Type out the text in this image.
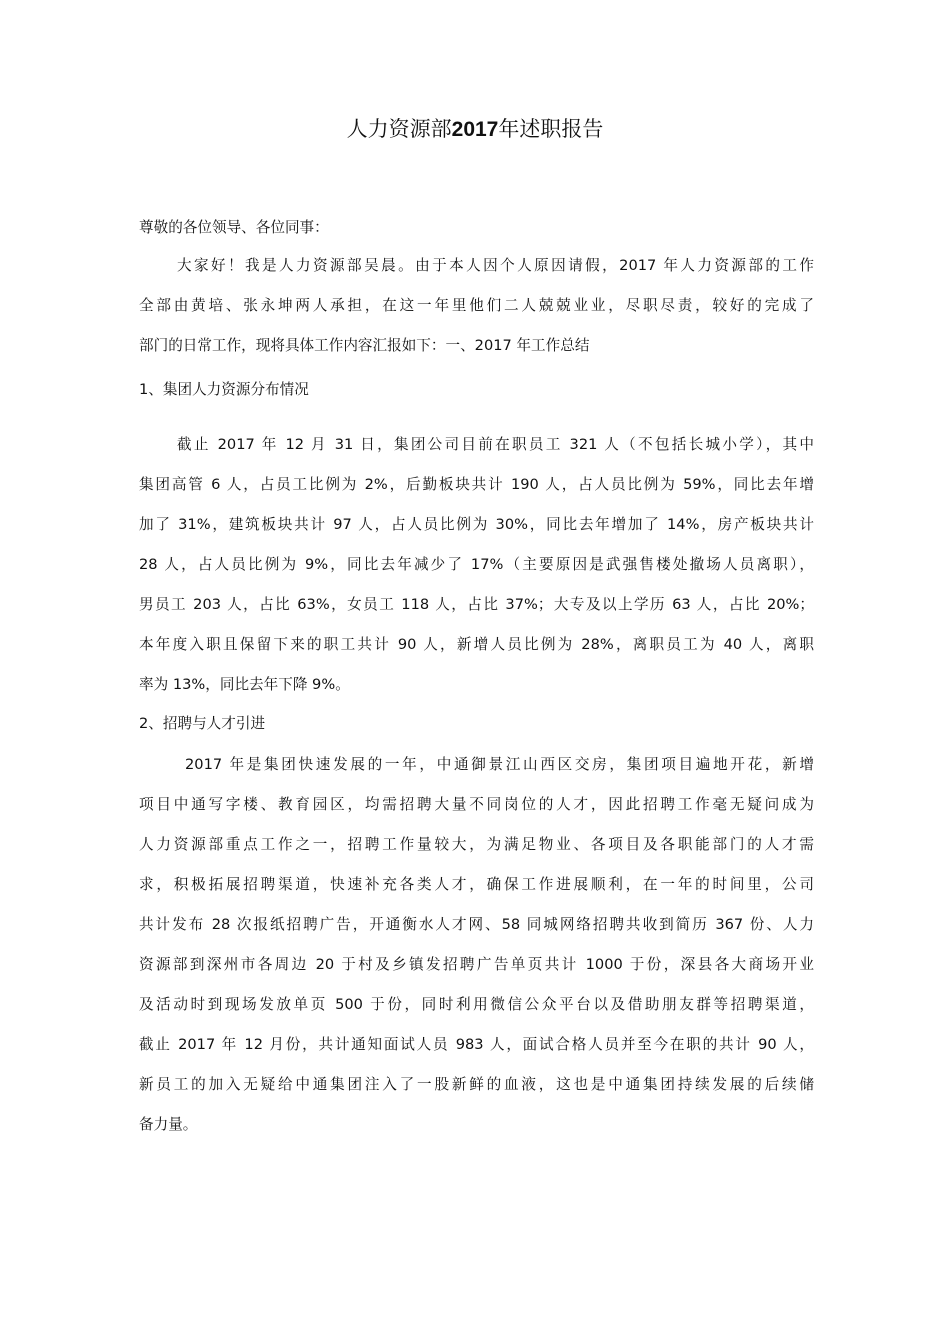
人力资源部2017年述职报告
尊敬的各位领导、各位同事：
大家好！我是人力资源部吴晨。由于本人因个人原因请假，2017 年人力资源部的工作
全部由黄培、张永坤两人承担，在这一年里他们二人兢兢业业，尽职尽责，较好的完成了
部门的日常工作，现将具体工作内容汇报如下：一、2017 年工作总结
1、集团人力资源分布情况
截止 2017 年 12 月 31 日，集团公司目前在职员工 321 人（不包括长城小学），其中
集团高管 6 人，占员工比例为 2%，后勤板块共计 190 人，占人员比例为 59%，同比去年增
加了 31%，建筑板块共计 97 人，占人员比例为 30%，同比去年增加了 14%，房产板块共计
28 人，占人员比例为 9%，同比去年减少了 17%（主要原因是武强售楼处撤场人员离职），
男员工 203 人，占比 63%，女员工 118 人，占比 37%；大专及以上学历 63 人，占比 20%；
本年度入职且保留下来的职工共计 90 人，新增人员比例为 28%，离职员工为 40 人，离职
率为 13%，同比去年下降 9%。
2、招聘与人才引进
2017 年是集团快速发展的一年，中通御景江山西区交房，集团项目遍地开花，新增
项目中通写字楼、教育园区，均需招聘大量不同岗位的人才，因此招聘工作毫无疑问成为
人力资源部重点工作之一，招聘工作量较大，为满足物业、各项目及各职能部门的人才需
求，积极拓展招聘渠道，快速补充各类人才，确保工作进展顺利，在一年的时间里，公司
共计发布 28 次报纸招聘广告，开通衡水人才网、58 同城网络招聘共收到简历 367 份、人力
资源部到深州市各周边 20 于村及乡镇发招聘广告单页共计 1000 于份，深县各大商场开业
及活动时到现场发放单页 500 于份，同时利用微信公众平台以及借助朋友群等招聘渠道，
截止 2017 年 12 月份，共计通知面试人员 983 人，面试合格人员并至今在职的共计 90 人，
新员工的加入无疑给中通集团注入了一股新鲜的血液，这也是中通集团持续发展的后续储
备力量。
